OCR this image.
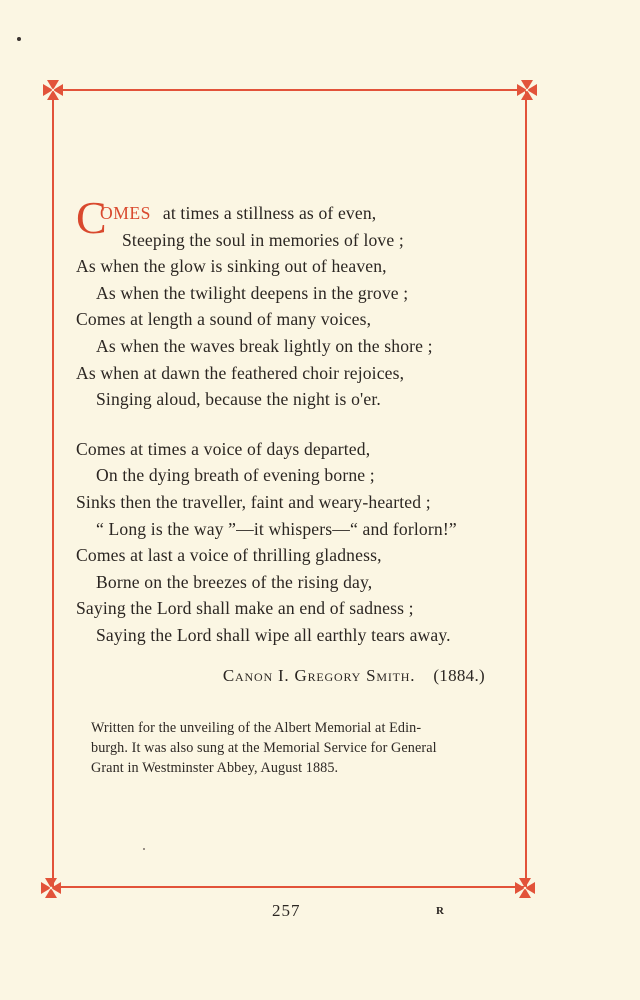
COMES at times a stillness as of even,
Steeping the soul in memories of love ;
As when the glow is sinking out of heaven,
As when the twilight deepens in the grove ;
Comes at length a sound of many voices,
As when the waves break lightly on the shore ;
As when at dawn the feathered choir rejoices,
Singing aloud, because the night is o'er.
Comes at times a voice of days departed,
On the dying breath of evening borne ;
Sinks then the traveller, faint and weary-hearted ;
“ Long is the way ”—it whispers—“ and forlorn!”
Comes at last a voice of thrilling gladness,
Borne on the breezes of the rising day,
Saying the Lord shall make an end of sadness ;
Saying the Lord shall wipe all earthly tears away.
Canon I. Gregory Smith. (1884.)
Written for the unveiling of the Albert Memorial at Edin-
burgh. It was also sung at the Memorial Service for General
Grant in Westminster Abbey, August 1885.
257	R
